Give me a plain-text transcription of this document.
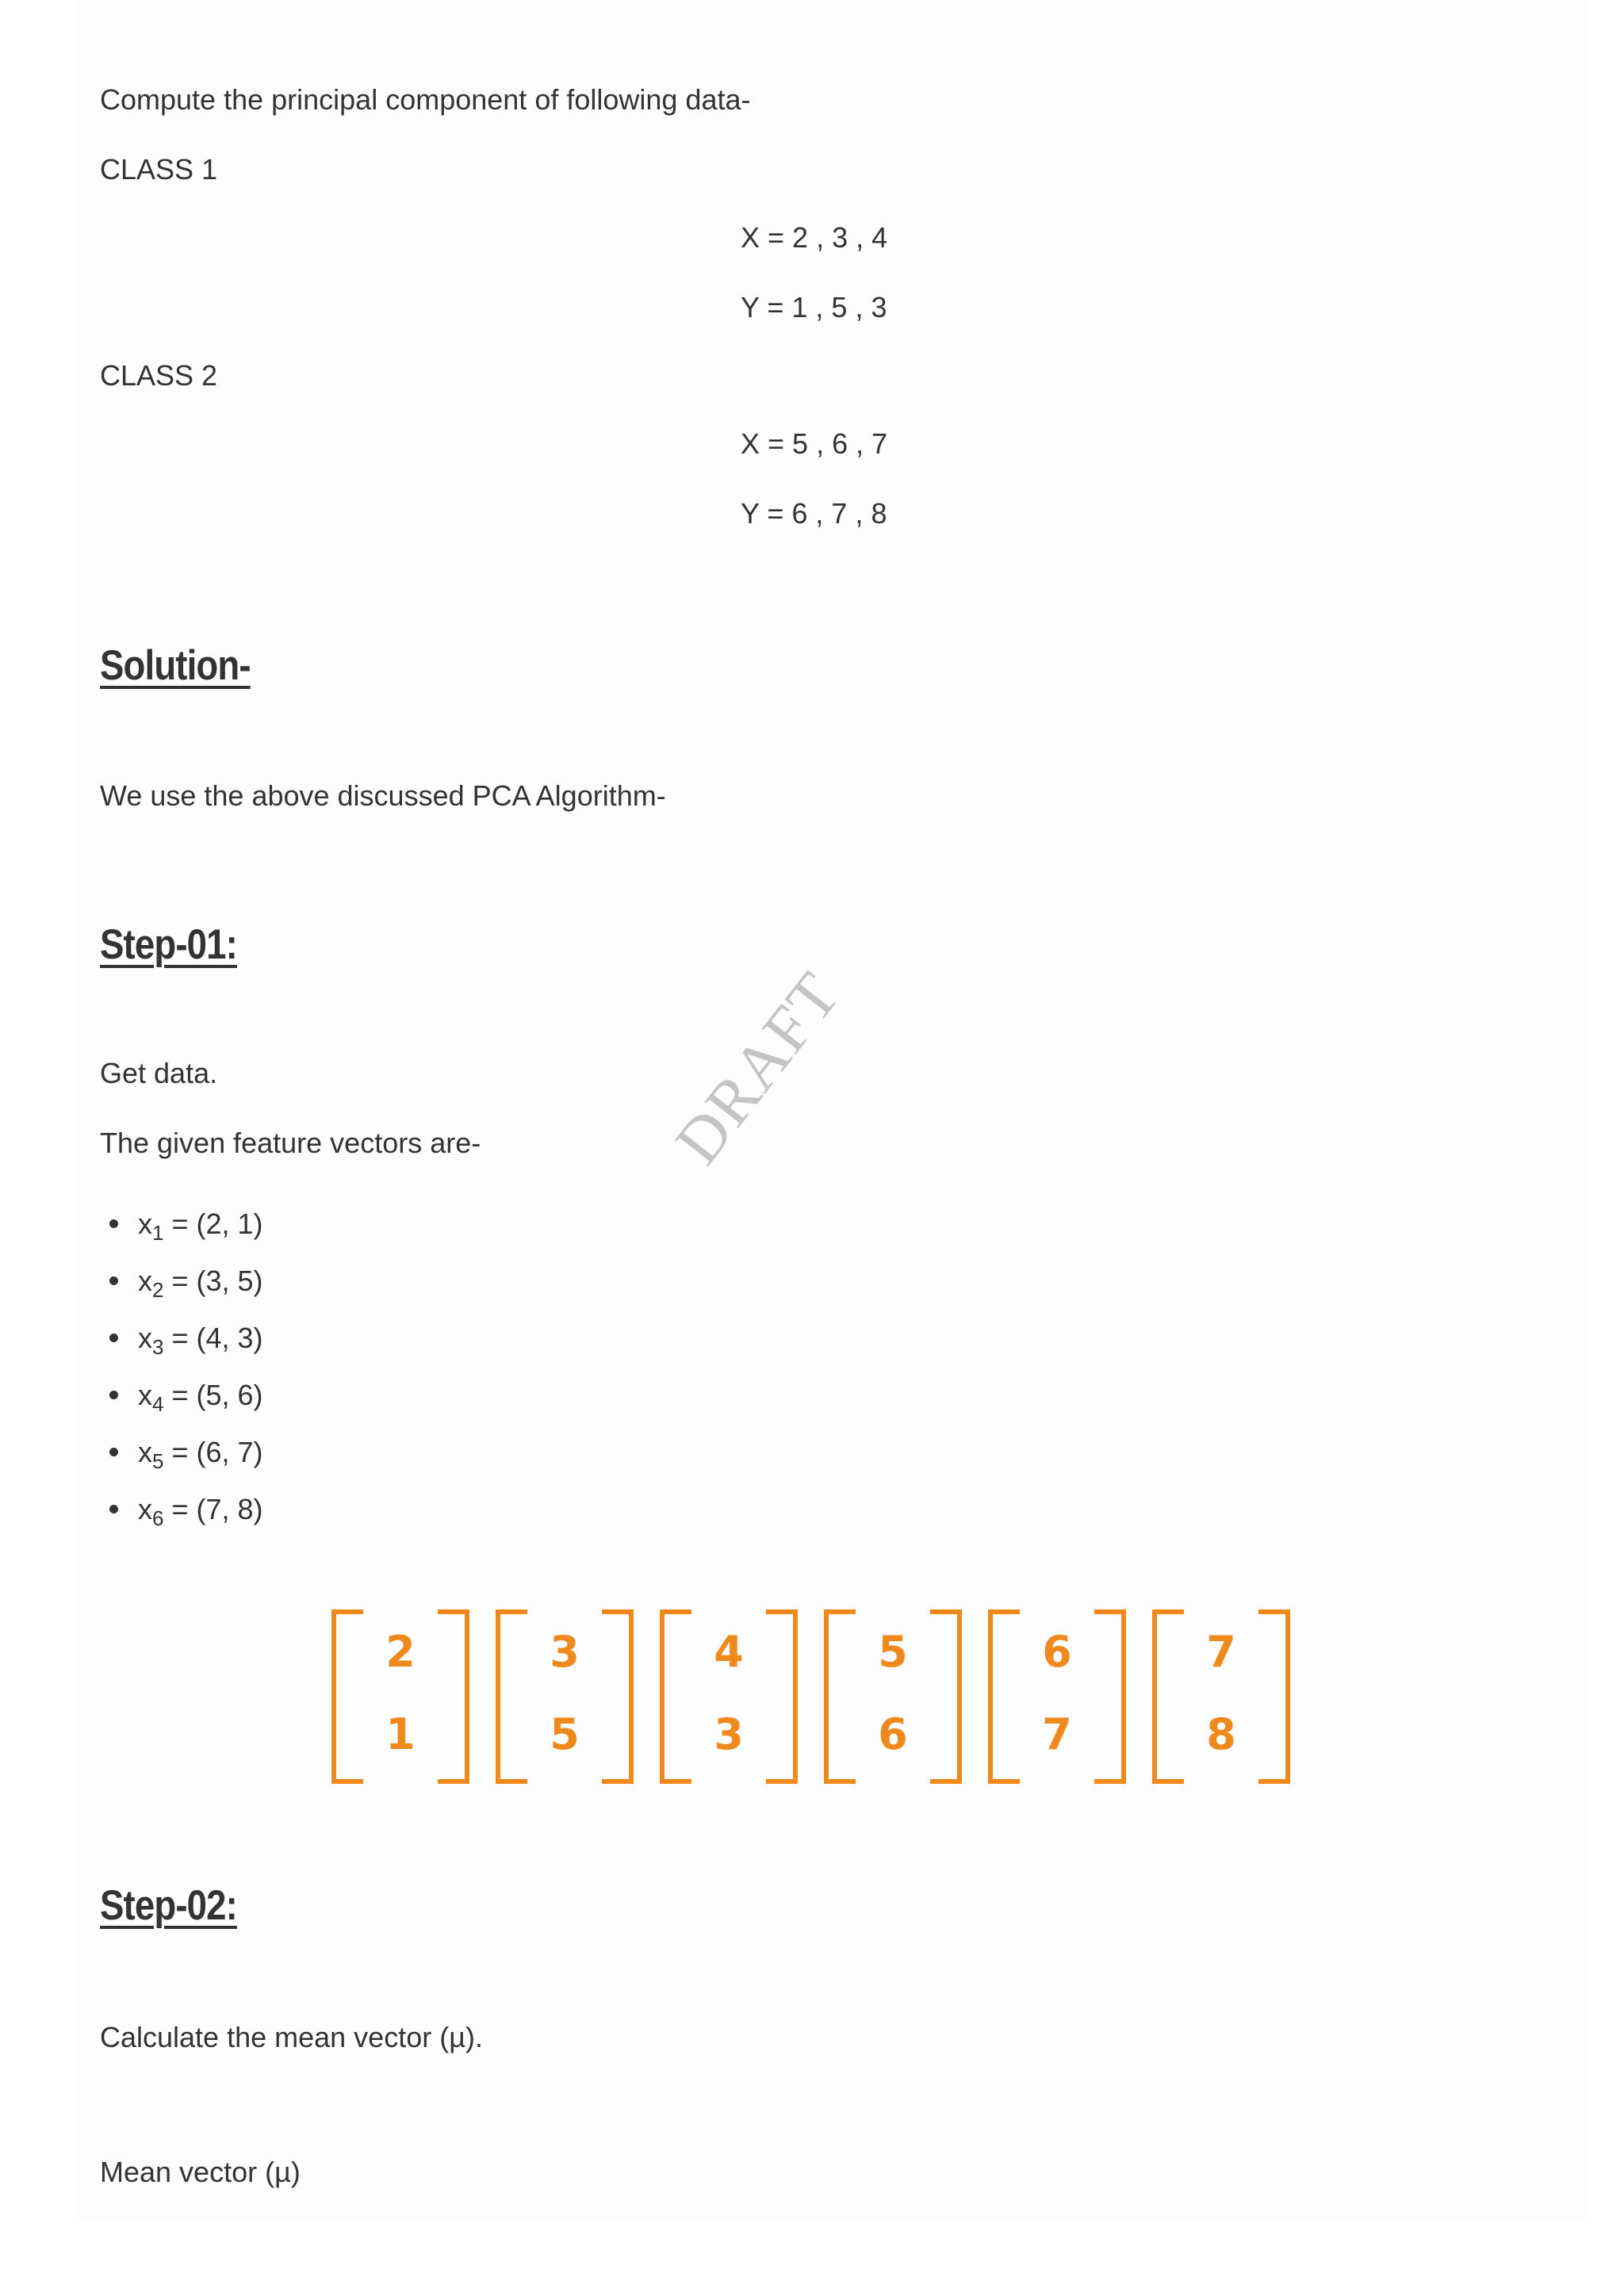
Compute the principal component of following data-
CLASS 1
X = 2 , 3 , 4
Y = 1 , 5 , 3
CLASS 2
X = 5 , 6 , 7
Y = 6 , 7 , 8
Solution-
We use the above discussed PCA Algorithm-
Step-01:
Get data.
The given feature vectors are-
$x_1 = (2$, 1)
$x_2 = (3$, 5)
$x_3 = (4$, 3)
$x_4 = (5$, 6)
$x_5 = (6$, 7)
$x_6 = (7$, 8)
DRAFT
2
1
3
5
4
3
5
6
6
7
7
8
Step-02:
Calculate the mean vector (µ).
Mean vector (µ)
